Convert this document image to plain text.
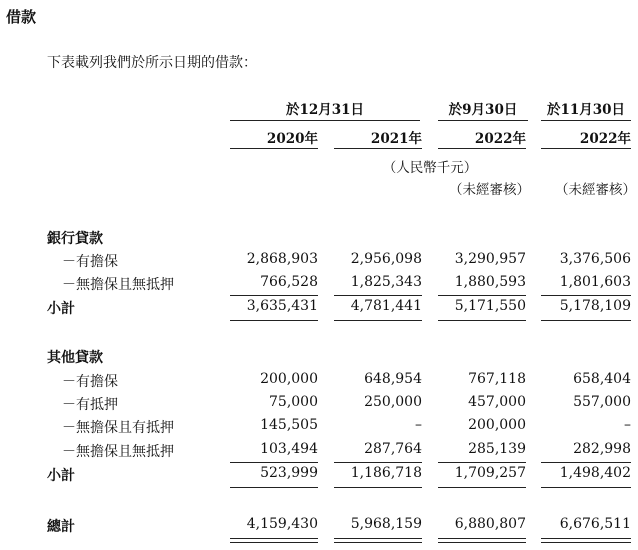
借款
下表載列我們於所示日期的借款：
於12月31日	於9月30日	於11月30日
2020年	2021年	2022年	2022年
（人民幣千元）
（未經審核）	（未經審核）
銀行貸款
－有擔保	2,868,903	2,956,098	3,290,957	3,376,506
－無擔保且無抵押	766,528	1,825,343	1,880,593	1,801,603
小計	3,635,431	4,781,441	5,171,550	5,178,109
其他貸款
－有擔保	200,000	648,954	767,118	658,404
－有抵押	75,000	250,000	457,000	557,000
－無擔保且有抵押	145,505	–	200,000	–
－無擔保且無抵押	103,494	287,764	285,139	282,998
小計	523,999	1,186,718	1,709,257	1,498,402
總計	4,159,430	5,968,159	6,880,807	6,676,511
